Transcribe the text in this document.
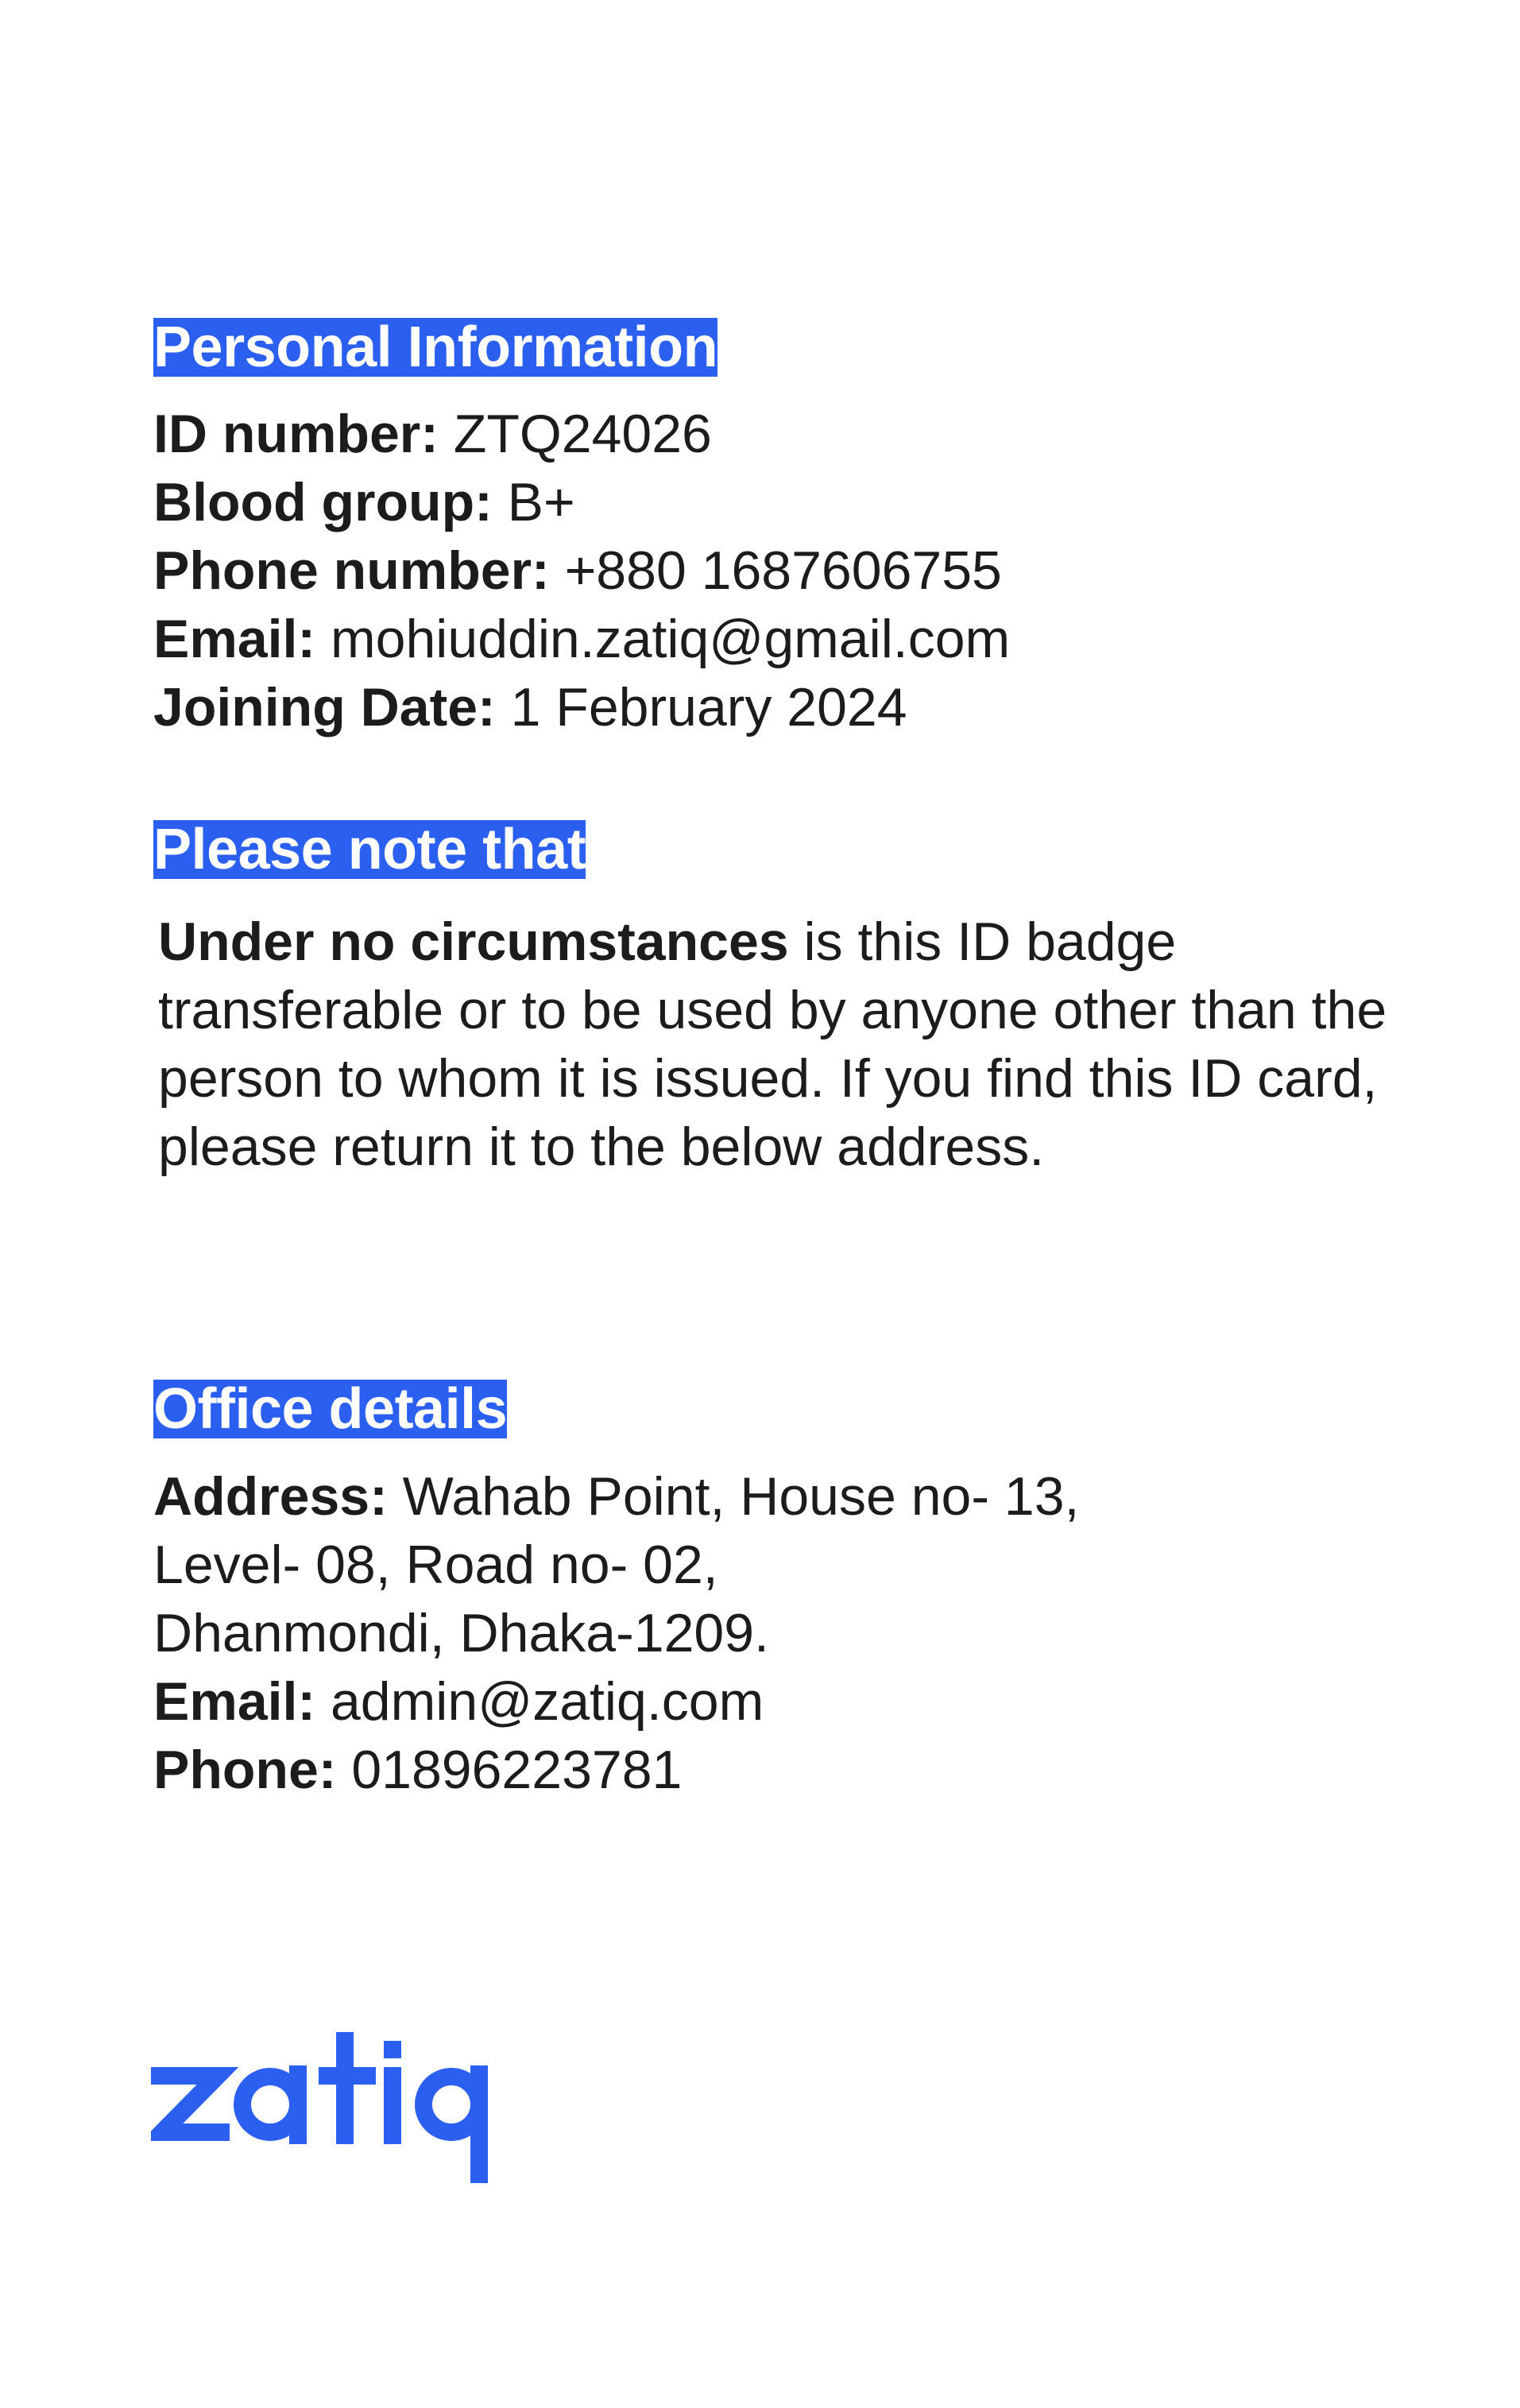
Personal Information
ID number: ZTQ24026
Blood group: B+
Phone number: +880 1687606755
Email: mohiuddin.zatiq@gmail.com
Joining Date: 1 February 2024
Please note that
Under no circumstances is this ID badge transferable or to be used by anyone other than the person to whom it is issued. If you find this ID card, please return it to the below address.
Office details
Address: Wahab Point, House no- 13,
Level- 08, Road no- 02,
Dhanmondi, Dhaka-1209.
Email: admin@zatiq.com
Phone: 01896223781
